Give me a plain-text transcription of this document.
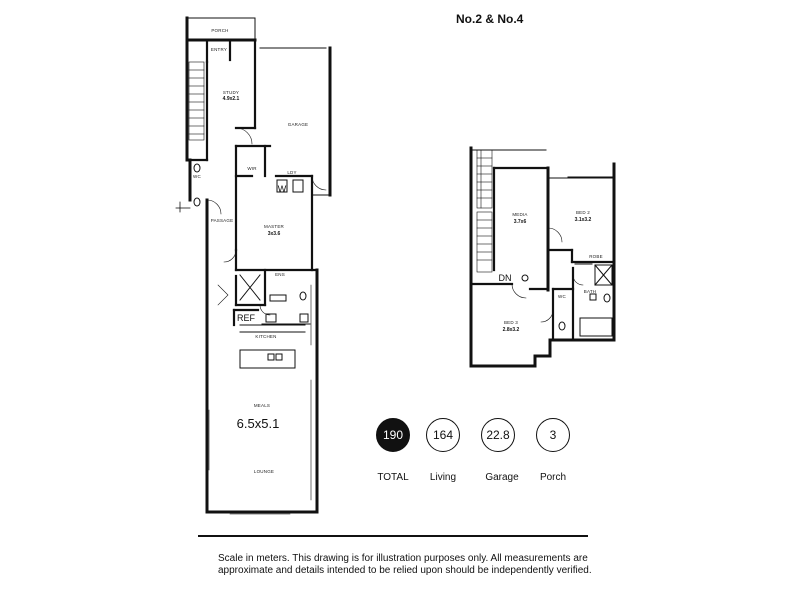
PORCH
ENTRY
STUDY
4.9x2.1
GARAGE
WC
WIR
LDY
W
MASTER
3x3.6
PASSAGE
ENS
REF
KITCHEN
MEALS
6.5x5.1
LOUNGE
MEDIA
3.7x6
BED 2
3.1x3.2
ROBE
BATH
WC
BED 3
2.8x3.2
DN
No.2 & No.4
190	164	22.8	3
TOTAL	Living	Garage	Porch
Scale in meters. This drawing is for illustration purposes only. All measurements are approximate and details intended to be relied upon should be independently verified.
